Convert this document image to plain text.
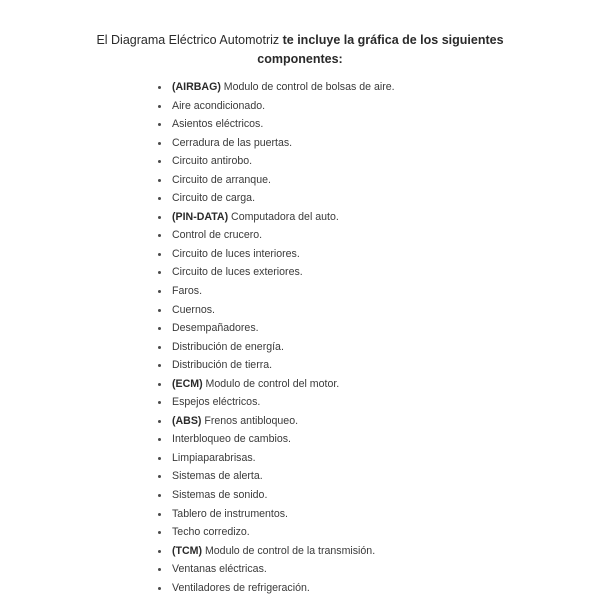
El Diagrama Eléctrico Automotriz te incluye la gráfica de los siguientes componentes:
(AIRBAG) Modulo de control de bolsas de aire.
Aire acondicionado.
Asientos eléctricos.
Cerradura de las puertas.
Circuito antirobo.
Circuito de arranque.
Circuito de carga.
(PIN-DATA) Computadora del auto.
Control de crucero.
Circuito de luces interiores.
Circuito de luces exteriores.
Faros.
Cuernos.
Desempañadores.
Distribución de energía.
Distribución de tierra.
(ECM) Modulo de control del motor.
Espejos eléctricos.
(ABS) Frenos antibloqueo.
Interbloqueo de cambios.
Limpiaparabrisas.
Sistemas de alerta.
Sistemas de sonido.
Tablero de instrumentos.
Techo corredizo.
(TCM) Modulo de control de la transmisión.
Ventanas eléctricas.
Ventiladores de refrigeración.
